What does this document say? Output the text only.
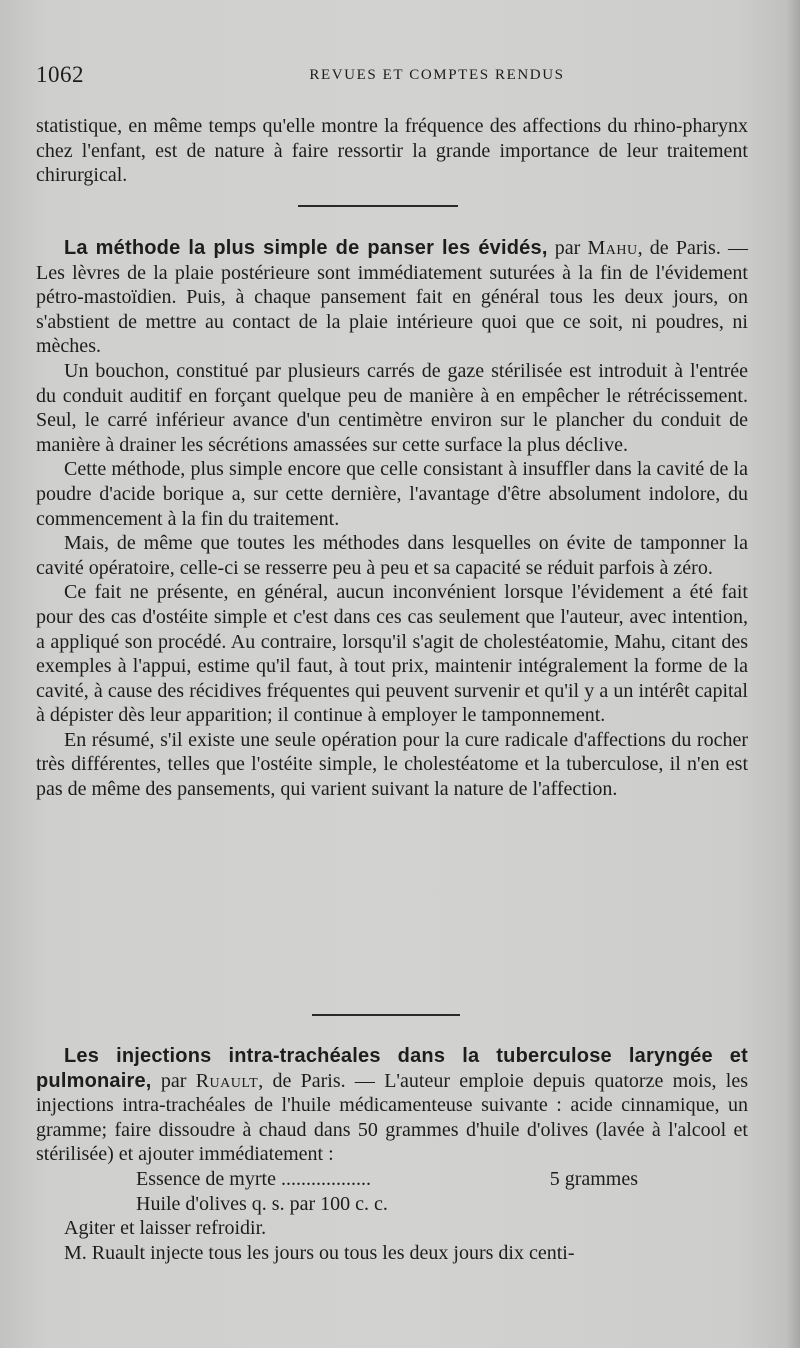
1062	REVUES ET COMPTES RENDUS

statistique, en même temps qu'elle montre la fréquence des affections du rhino-pharynx chez l'enfant, est de nature à faire ressortir la grande importance de leur traitement chirurgical.

La méthode la plus simple de panser les évidés, par Mahu, de Paris. — Les lèvres de la plaie postérieure sont immédiatement suturées à la fin de l'évidement pétro-mastoïdien. Puis, à chaque pansement fait en général tous les deux jours, on s'abstient de mettre au contact de la plaie intérieure quoi que ce soit, ni poudres, ni mèches.

Un bouchon, constitué par plusieurs carrés de gaze stérilisée est introduit à l'entrée du conduit auditif en forçant quelque peu de manière à en empêcher le rétrécissement. Seul, le carré inférieur avance d'un centimètre environ sur le plancher du conduit de manière à drainer les sécrétions amassées sur cette surface la plus déclive.

Cette méthode, plus simple encore que celle consistant à insuffler dans la cavité de la poudre d'acide borique a, sur cette dernière, l'avantage d'être absolument indolore, du commencement à la fin du traitement.

Mais, de même que toutes les méthodes dans lesquelles on évite de tamponner la cavité opératoire, celle-ci se resserre peu à peu et sa capacité se réduit parfois à zéro.

Ce fait ne présente, en général, aucun inconvénient lorsque l'évidement a été fait pour des cas d'ostéite simple et c'est dans ces cas seulement que l'auteur, avec intention, a appliqué son procédé. Au contraire, lorsqu'il s'agit de cholestéatomie, Mahu, citant des exemples à l'appui, estime qu'il faut, à tout prix, maintenir intégralement la forme de la cavité, à cause des récidives fréquentes qui peuvent survenir et qu'il y a un intérêt capital à dépister dès leur apparition; il continue à employer le tamponnement.

En résumé, s'il existe une seule opération pour la cure radicale d'affections du rocher très différentes, telles que l'ostéite simple, le cholestéatome et la tuberculose, il n'en est pas de même des pansements, qui varient suivant la nature de l'affection.

Les injections intra-trachéales dans la tuberculose laryngée et pulmonaire, par Ruault, de Paris. — L'auteur emploie depuis quatorze mois, les injections intra-trachéales de l'huile médicamenteuse suivante : acide cinnamique, un gramme; faire dissoudre à chaud dans 50 grammes d'huile d'olives (lavée à l'alcool et stérilisée) et ajouter immédiatement :

Essence de myrte ..................	5 grammes

Huile d'olives q. s. par 100 c. c.

Agiter et laisser refroidir.

M. Ruault injecte tous les jours ou tous les deux jours dix centi-
